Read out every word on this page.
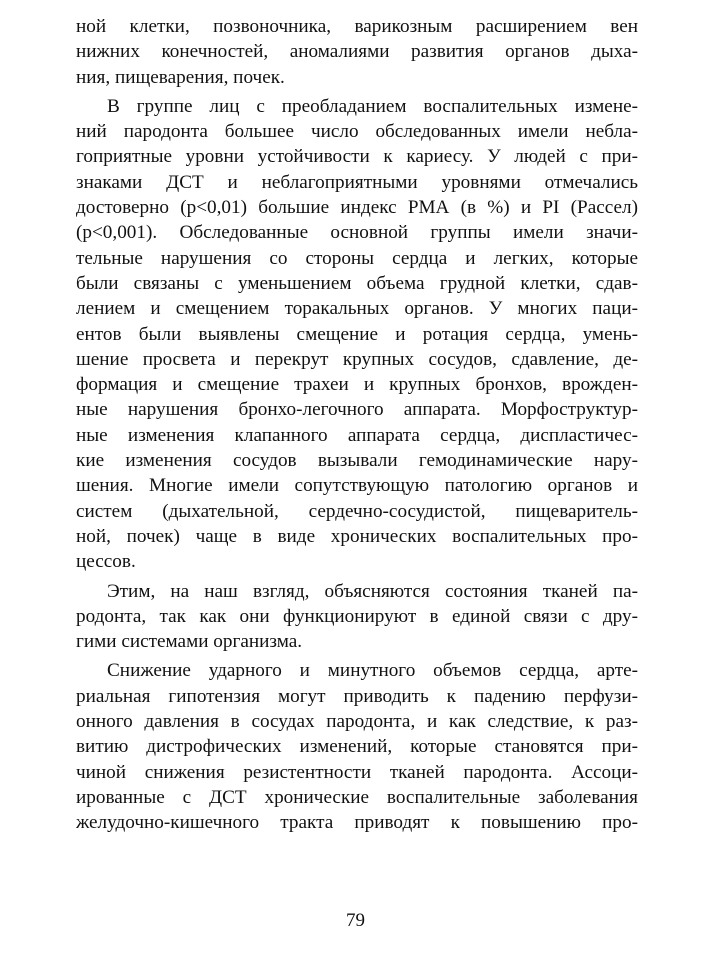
ной клетки, позвоночника, варикозным расширением вен
нижних конечностей, аномалиями развития органов дыха-
ния, пищеварения, почек.
В группе лиц с преобладанием воспалительных измене-
ний пародонта большее число обследованных имели небла-
гоприятные уровни устойчивости к кариесу. У людей с при-
знаками ДСТ и неблагоприятными уровнями отмечались
достоверно (р<0,01) большие индекс РМА (в %) и PI (Рассел)
(р<0,001). Обследованные основной группы имели значи-
тельные нарушения со стороны сердца и легких, которые
были связаны с уменьшением объема грудной клетки, сдав-
лением и смещением торакальных органов. У многих паци-
ентов были выявлены смещение и ротация сердца, умень-
шение просвета и перекрут крупных сосудов, сдавление, де-
формация и смещение трахеи и крупных бронхов, врожден-
ные нарушения бронхо-легочного аппарата. Морфоструктур-
ные изменения клапанного аппарата сердца, диспластичес-
кие изменения сосудов вызывали гемодинамические нару-
шения. Многие имели сопутствующую патологию органов и
систем (дыхательной, сердечно-сосудистой, пищеваритель-
ной, почек) чаще в виде хронических воспалительных про-
цессов.
Этим, на наш взгляд, объясняются состояния тканей па-
родонта, так как они функционируют в единой связи с дру-
гими системами организма.
Снижение ударного и минутного объемов сердца, арте-
риальная гипотензия могут приводить к падению перфузи-
онного давления в сосудах пародонта, и как следствие, к раз-
витию дистрофических изменений, которые становятся при-
чиной снижения резистентности тканей пародонта. Ассоци-
ированные с ДСТ хронические воспалительные заболевания
желудочно-кишечного тракта приводят к повышению про-
79
